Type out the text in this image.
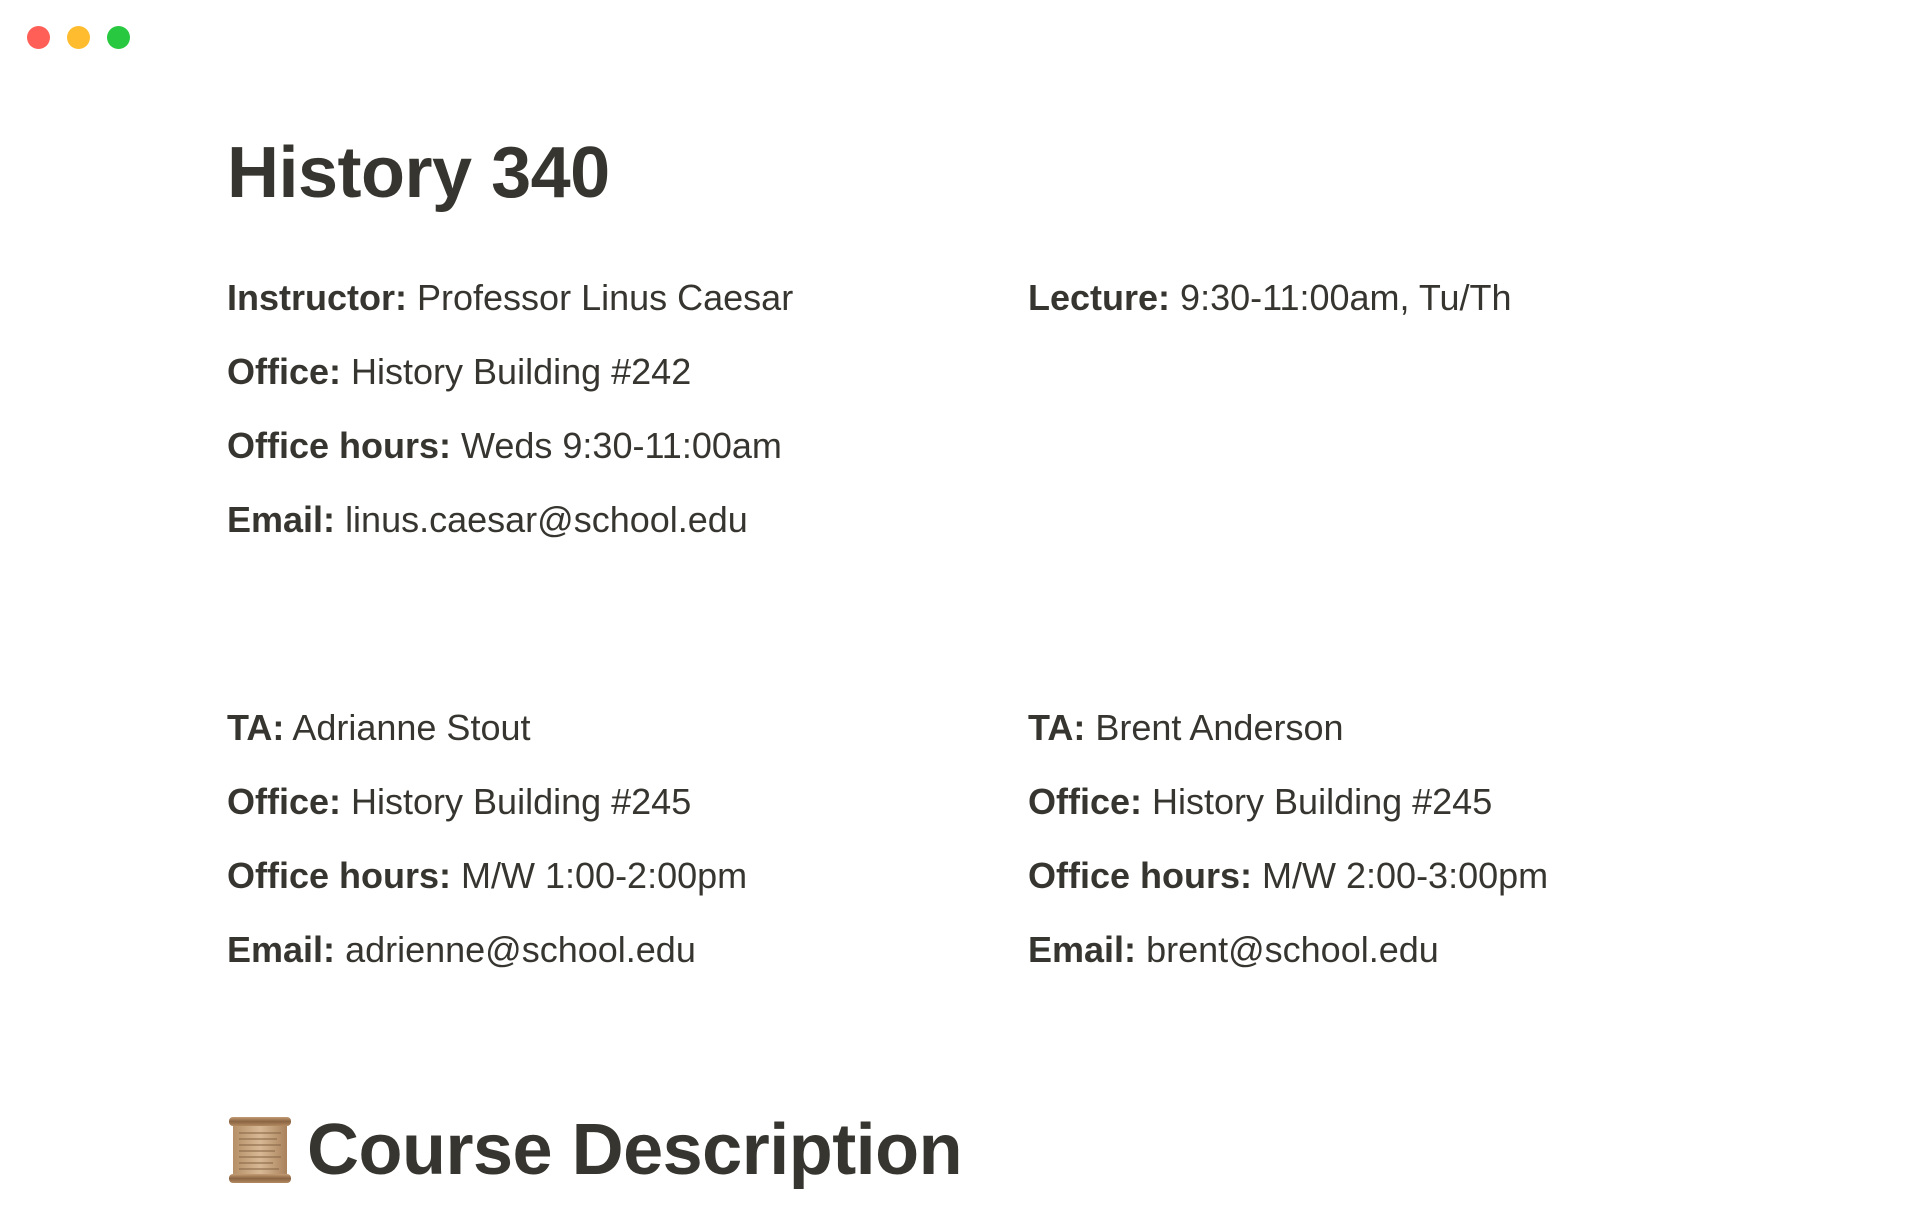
History 340
Instructor: Professor Linus Caesar
Office: History Building #242
Office hours: Weds 9:30-11:00am
Email: linus.caesar@school.edu
Lecture: 9:30-11:00am, Tu/Th
TA: Adrianne Stout
Office: History Building #245
Office hours: M/W 1:00-2:00pm
Email: adrienne@school.edu
TA: Brent Anderson
Office: History Building #245
Office hours: M/W 2:00-3:00pm
Email: brent@school.edu
Course Description
